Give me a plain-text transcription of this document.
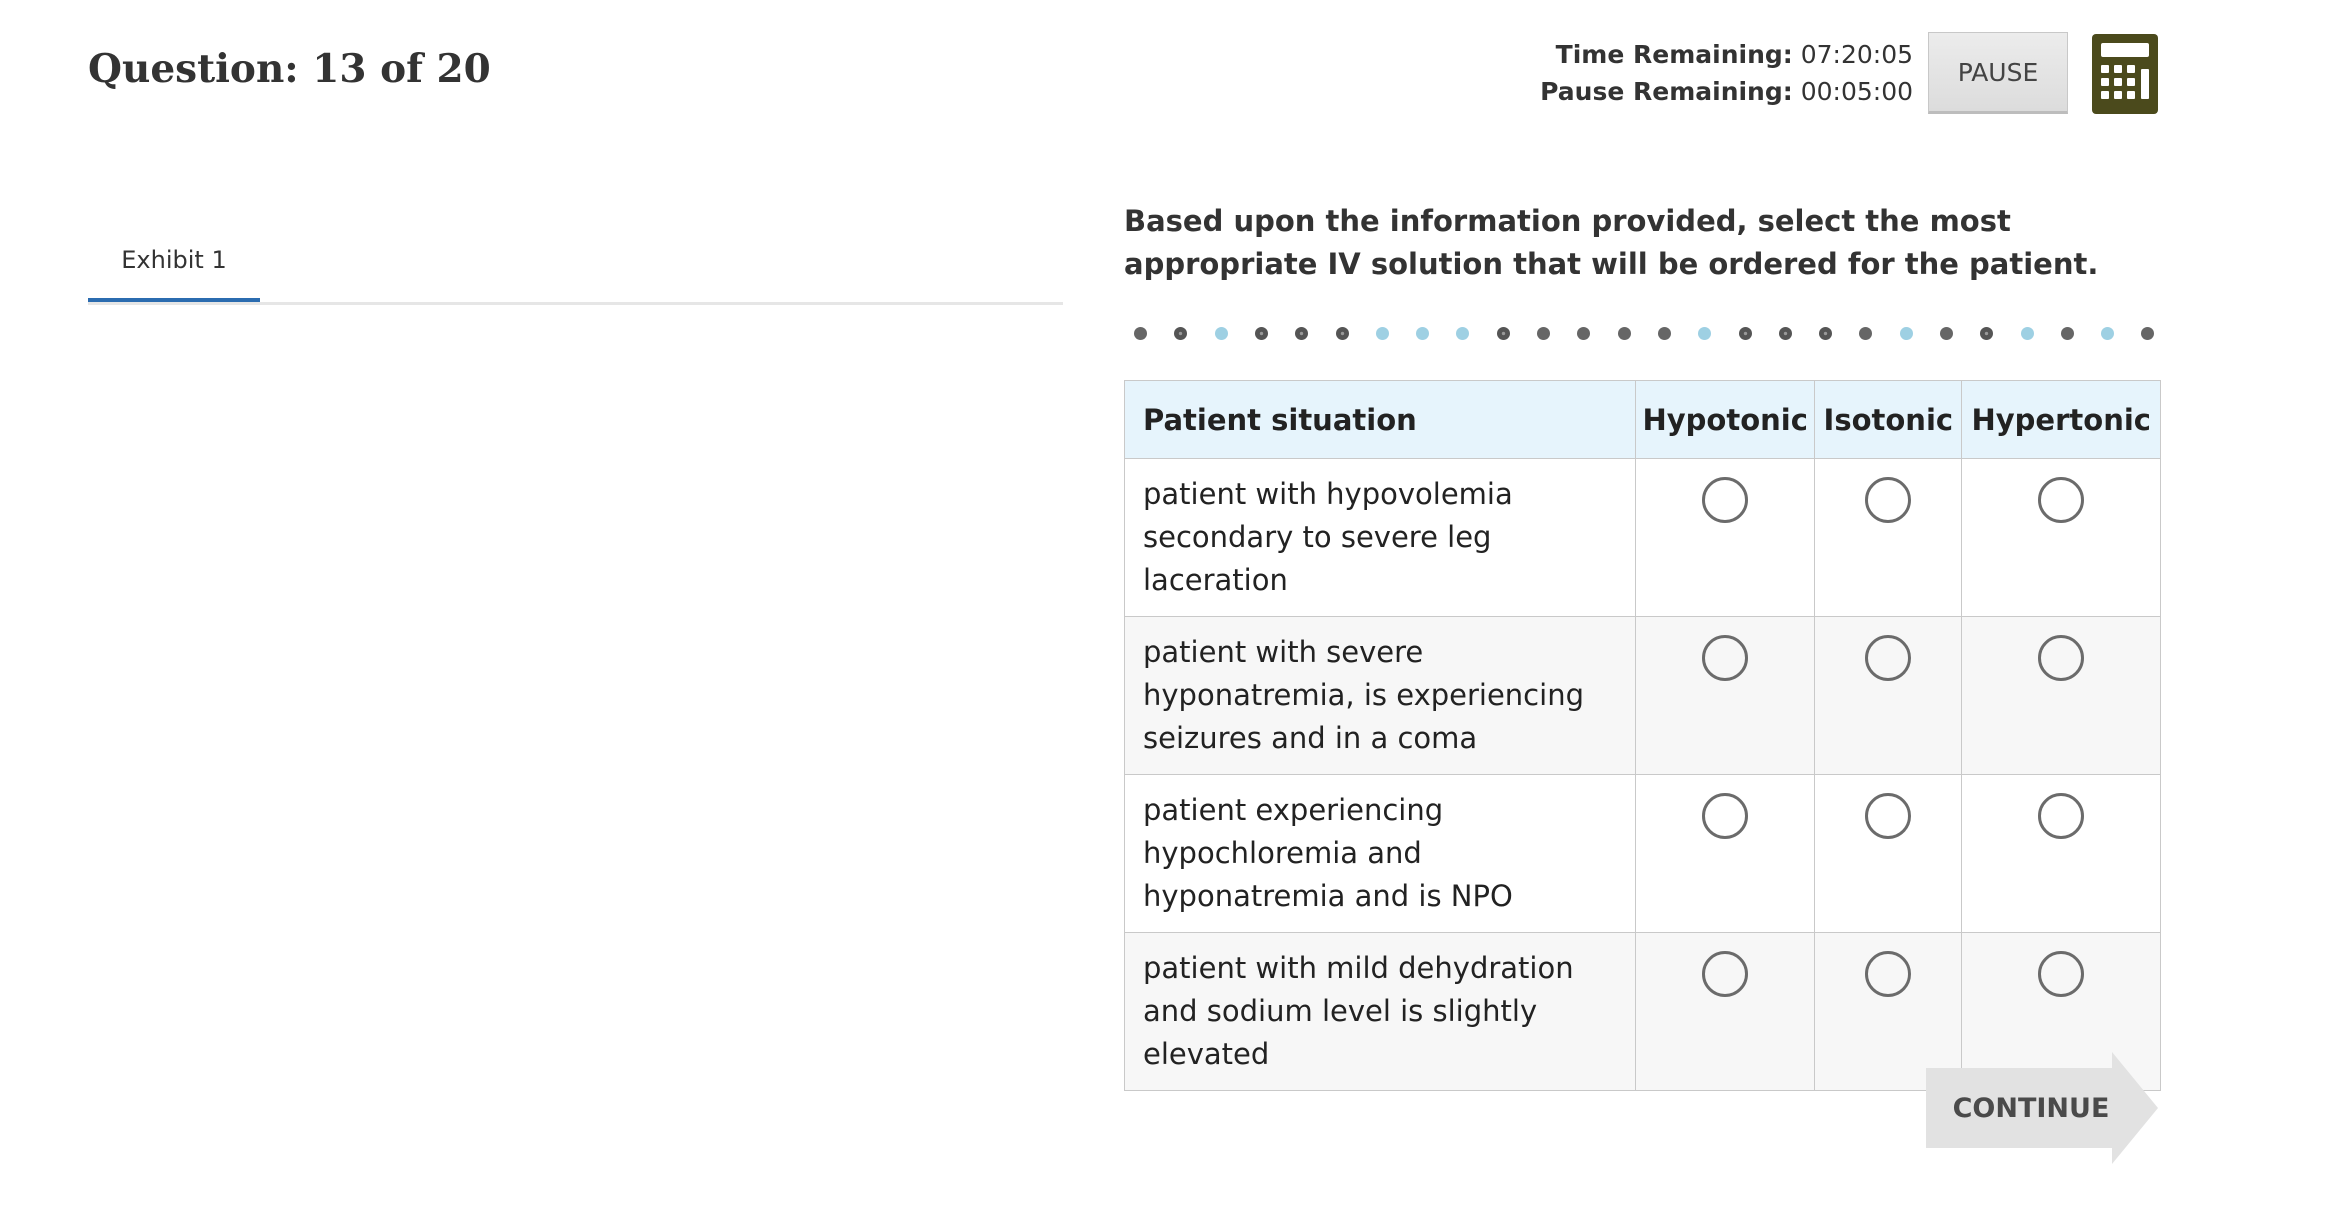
Question: 13 of 20	Time Remaining: 07:20:05
Pause Remaining: 00:05:00
PAUSE
Exhibit 1
Based upon the information provided, select the most appropriate IV solution that will be ordered for the patient.
Patient situation	Hypotonic	Isotonic	Hypertonic
patient with hypovolemia secondary to severe leg laceration			
patient with severe hyponatremia, is experiencing seizures and in a coma			
patient experiencing hypochloremia and hyponatremia and is NPO			
patient with mild dehydration and sodium level is slightly elevated			
CONTINUE
